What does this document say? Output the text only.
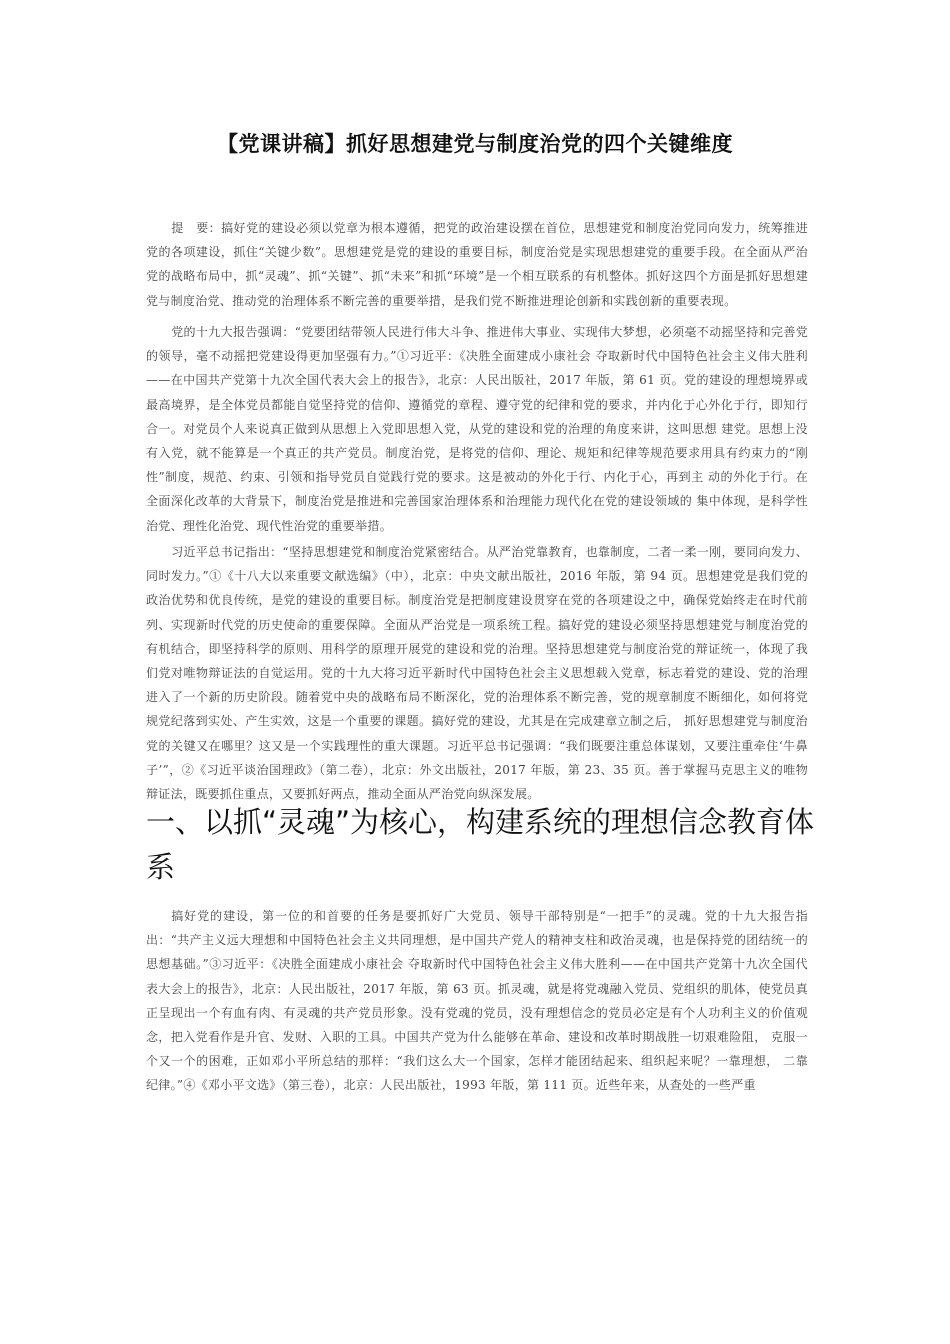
【党课讲稿】抓好思想建党与制度治党的四个关键维度

提　要：搞好党的建设必须以党章为根本遵循，把党的政治建设摆在首位，思想建党和制度治党同向发力，统筹推进党的各项建设，抓住“关键少数”。思想建党是党的建设的重要目标，制度治党是实现思想建党的重要手段。在全面从严治党的战略布局中，抓“灵魂”、抓“关键”、抓“未来”和抓“环境”是一个相互联系的有机整体。抓好这四个方面是抓好思想建党与制度治党、推动党的治理体系不断完善的重要举措，是我们党不断推进理论创新和实践创新的重要表现。

党的十九大报告强调：“党要团结带领人民进行伟大斗争、推进伟大事业、实现伟大梦想，必须毫不动摇坚持和完善党的领导，毫不动摇把党建设得更加坚强有力。”①习近平：《决胜全面建成小康社会 夺取新时代中国特色社会主义伟大胜利——在中国共产党第十九次全国代表大会上的报告》，北京：人民出版社，2017 年版，第 61 页。党的建设的理想境界或最高境界，是全体党员都能自觉坚持党的信仰、遵循党的章程、遵守党的纪律和党的要求，并内化于心外化于行，即知行合一。对党员个人来说真正做到从思想上入党即思想入党，从党的建设和党的治理的角度来讲，这叫思想 建党。思想上没有入党，就不能算是一个真正的共产党员。制度治党，是将党的信仰、理论、规矩和纪律等规范要求用具有约束力的“刚性”制度，规范、约束、引领和指导党员自觉践行党的要求。这是被动的外化于行、内化于心，再到主 动的外化于行。在全面深化改革的大背景下，制度治党是推进和完善国家治理体系和治理能力现代化在党的建设领域的 集中体现，是科学性治党、理性化治党、现代性治党的重要举措。

习近平总书记指出：“坚持思想建党和制度治党紧密结合。从严治党靠教育，也靠制度，二者一柔一刚，要同向发力、同时发力。”①《十八大以来重要文献选编》（中），北京：中央文献出版社，2016 年版，第 94 页。思想建党是我们党的政治优势和优良传统，是党的建设的重要目标。制度治党是把制度建设贯穿在党的各项建设之中，确保党始终走在时代前列、实现新时代党的历史使命的重要保障。全面从严治党是一项系统工程。搞好党的建设必须坚持思想建党与制度治党的有机结合，即坚持科学的原则、用科学的原理开展党的建设和党的治理。坚持思想建党与制度治党的辩证统一，体现了我们党对唯物辩证法的自觉运用。党的十九大将习近平新时代中国特色社会主义思想载入党章，标志着党的建设、党的治理进入了一个新的历史阶段。随着党中央的战略布局不断深化，党的治理体系不断完善，党的规章制度不断细化，如何将党规党纪落到实处、产生实效，这是一个重要的课题。搞好党的建设，尤其是在完成建章立制之后， 抓好思想建党与制度治党的关键又在哪里？这又是一个实践理性的重大课题。习近平总书记强调：“我们既要注重总体谋划，又要注重牵住‘牛鼻子’”，②《习近平谈治国理政》（第二卷），北京：外文出版社，2017 年版，第 23、35 页。善于掌握马克思主义的唯物辩证法，既要抓住重点，又要抓好两点，推动全面从严治党向纵深发展。

一、以抓“灵魂”为核心，构建系统的理想信念教育体系

搞好党的建设，第一位的和首要的任务是要抓好广大党员、领导干部特别是“一把手”的灵魂。党的十九大报告指出：“共产主义远大理想和中国特色社会主义共同理想，是中国共产党人的精神支柱和政治灵魂，也是保持党的团结统一的思想基础。”③习近平：《决胜全面建成小康社会 夺取新时代中国特色社会主义伟大胜利——在中国共产党第十九次全国代表大会上的报告》，北京：人民出版社，2017 年版，第 63 页。抓灵魂，就是将党魂融入党员、党组织的肌体，使党员真正呈现出一个有血有肉、有灵魂的共产党员形象。没有党魂的党员，没有理想信念的党员必定是有个人功利主义的价值观念，把入党看作是升官、发财、入职的工具。中国共产党为什么能够在革命、建设和改革时期战胜一切艰难险阻， 克服一个又一个的困难，正如邓小平所总结的那样：“我们这么大一个国家，怎样才能团结起来、组织起来呢？一靠理想， 二靠纪律。”④《邓小平文选》（第三卷），北京：人民出版社，1993 年版，第 111 页。近些年来，从查处的一些严重
